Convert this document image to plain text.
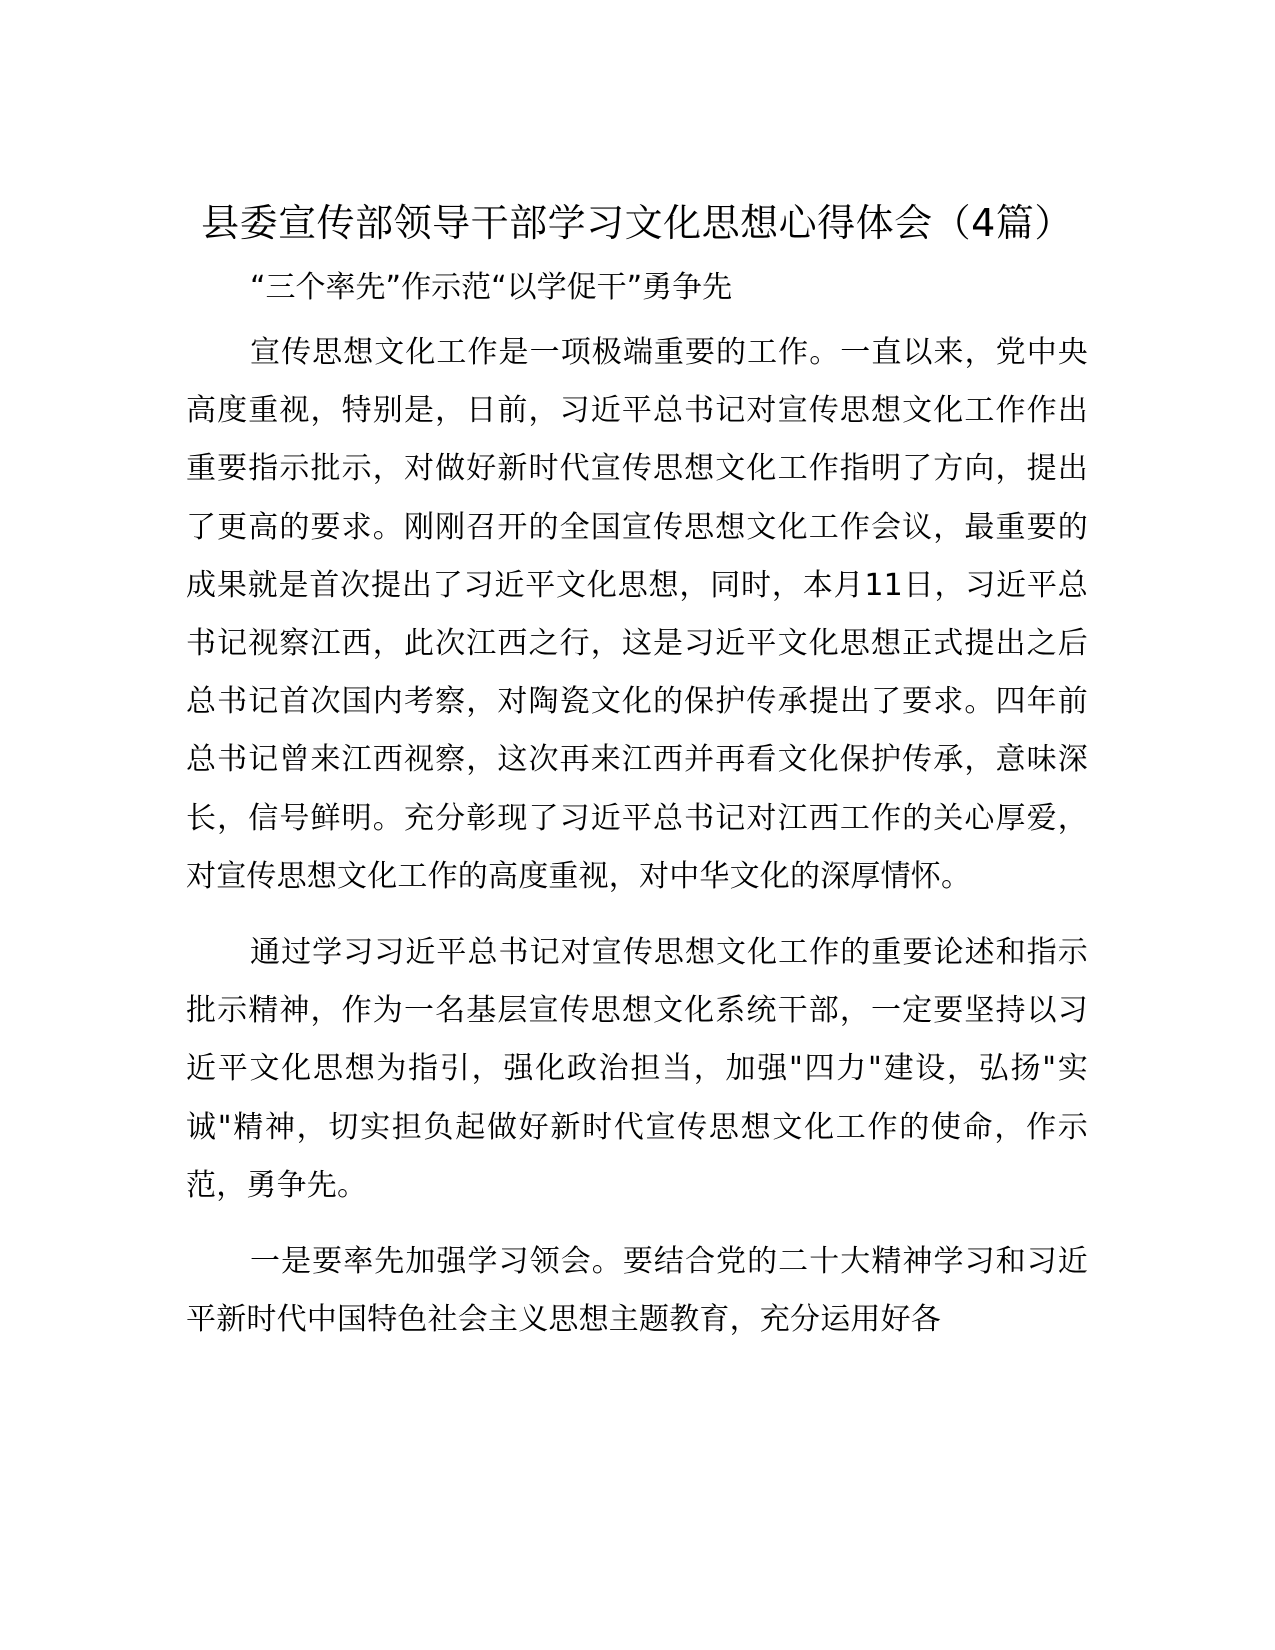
县委宣传部领导干部学习文化思想心得体会（4篇）

“三个率先”作示范“以学促干”勇争先

宣传思想文化工作是一项极端重要的工作。一直以来，党中央高度重视，特别是，日前，习近平总书记对宣传思想文化工作作出重要指示批示，对做好新时代宣传思想文化工作指明了方向，提出了更高的要求。刚刚召开的全国宣传思想文化工作会议，最重要的成果就是首次提出了习近平文化思想，同时，本月11日，习近平总书记视察江西，此次江西之行，这是习近平文化思想正式提出之后总书记首次国内考察，对陶瓷文化的保护传承提出了要求。四年前总书记曾来江西视察，这次再来江西并再看文化保护传承，意味深长，信号鲜明。充分彰现了习近平总书记对江西工作的关心厚爱，对宣传思想文化工作的高度重视，对中华文化的深厚情怀。

通过学习习近平总书记对宣传思想文化工作的重要论述和指示批示精神，作为一名基层宣传思想文化系统干部，一定要坚持以习近平文化思想为指引，强化政治担当，加强"四力"建设，弘扬"实诚"精神，切实担负起做好新时代宣传思想文化工作的使命，作示范，勇争先。

一是要率先加强学习领会。要结合党的二十大精神学习和习近平新时代中国特色社会主义思想主题教育，充分运用好各
